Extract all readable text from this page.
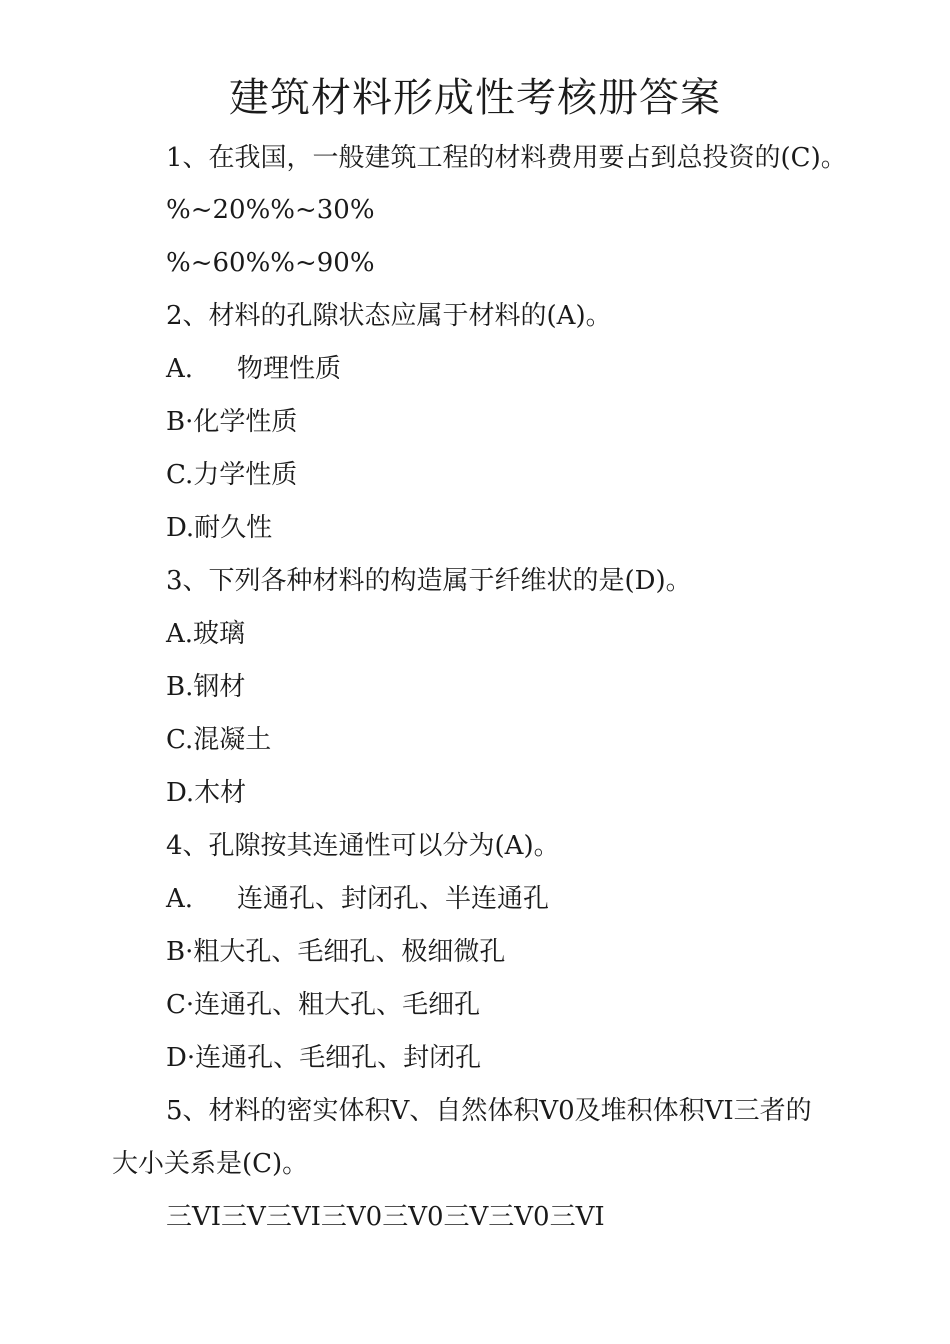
建筑材料形成性考核册答案
1、在我国，一般建筑工程的材料费用要占到总投资的(C)。
%~20%%~30%
%~60%%~90%
2、材料的孔隙状态应属于材料的(A)。
A. 物理性质
B·化学性质
C.力学性质
D.耐久性
3、下列各种材料的构造属于纤维状的是(D)。
A.玻璃
B.钢材
C.混凝土
D.木材
4、孔隙按其连通性可以分为(A)。
A. 连通孔、封闭孔、半连通孔
B·粗大孔、毛细孔、极细微孔
C·连通孔、粗大孔、毛细孔
D·连通孔、毛细孔、封闭孔
5、材料的密实体积V、自然体积V0及堆积体积VI三者的
大小关系是(C)。
三VI三V三VI三V0三V0三V三V0三VI
